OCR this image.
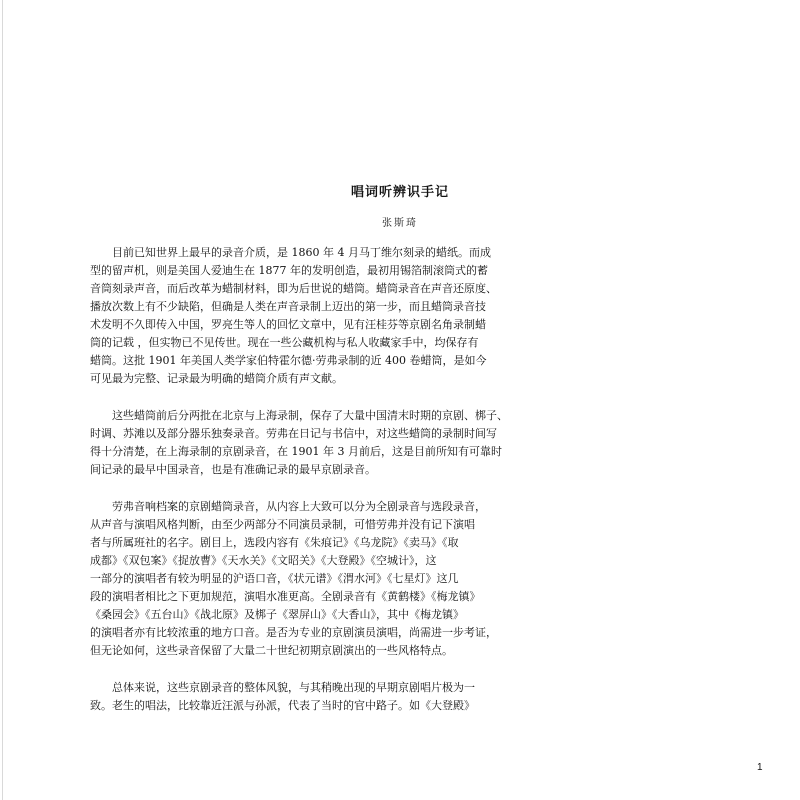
唱词听辨识手记
张斯琦
目前已知世界上最早的录音介质，是 1860 年 4 月马丁维尔刻录的蜡纸。而成
型的留声机，则是美国人爱迪生在 1877 年的发明创造，最初用锡箔制滚筒式的蓄
音筒刻录声音，而后改革为蜡制材料，即为后世说的蜡筒。蜡筒录音在声音还原度、
播放次数上有不少缺陷，但确是人类在声音录制上迈出的第一步，而且蜡筒录音技
术发明不久即传入中国，罗亮生等人的回忆文章中，见有汪桂芬等京剧名角录制蜡
筒的记载 ，但实物已不见传世。现在一些公藏机构与私人收藏家手中，均保存有
蜡筒。这批 1901 年美国人类学家伯特霍尔德·劳弗录制的近 400 卷蜡筒，是如今
可见最为完整、记录最为明确的蜡筒介质有声文献。
这些蜡筒前后分两批在北京与上海录制，保存了大量中国清末时期的京剧、梆子、
时调、苏滩以及部分器乐独奏录音。劳弗在日记与书信中，对这些蜡筒的录制时间写
得十分清楚，在上海录制的京剧录音，在 1901 年 3 月前后，这是目前所知有可靠时
间记录的最早中国录音，也是有准确记录的最早京剧录音。
劳弗音响档案的京剧蜡筒录音，从内容上大致可以分为全剧录音与选段录音，
从声音与演唱风格判断，由至少两部分不同演员录制，可惜劳弗并没有记下演唱
者与所属班社的名字。剧目上，选段内容有《朱痕记》《乌龙院》《卖马》《取
成都》《双包案》《捉放曹》《天水关》《文昭关》《大登殿》《空城计》，这
一部分的演唱者有较为明显的沪语口音，《状元谱》《渭水河》《七星灯》这几
段的演唱者相比之下更加规范，演唱水准更高。全剧录音有《黄鹤楼》《梅龙镇》
《桑园会》《五台山》《战北原》及梆子《翠屏山》《大香山》，其中《梅龙镇》
的演唱者亦有比较浓重的地方口音。是否为专业的京剧演员演唱，尚需进一步考证，
但无论如何，这些录音保留了大量二十世纪初期京剧演出的一些风格特点。
总体来说，这些京剧录音的整体风貌，与其稍晚出现的早期京剧唱片极为一
致。老生的唱法，比较靠近汪派与孙派，代表了当时的官中路子。如《大登殿》
1
